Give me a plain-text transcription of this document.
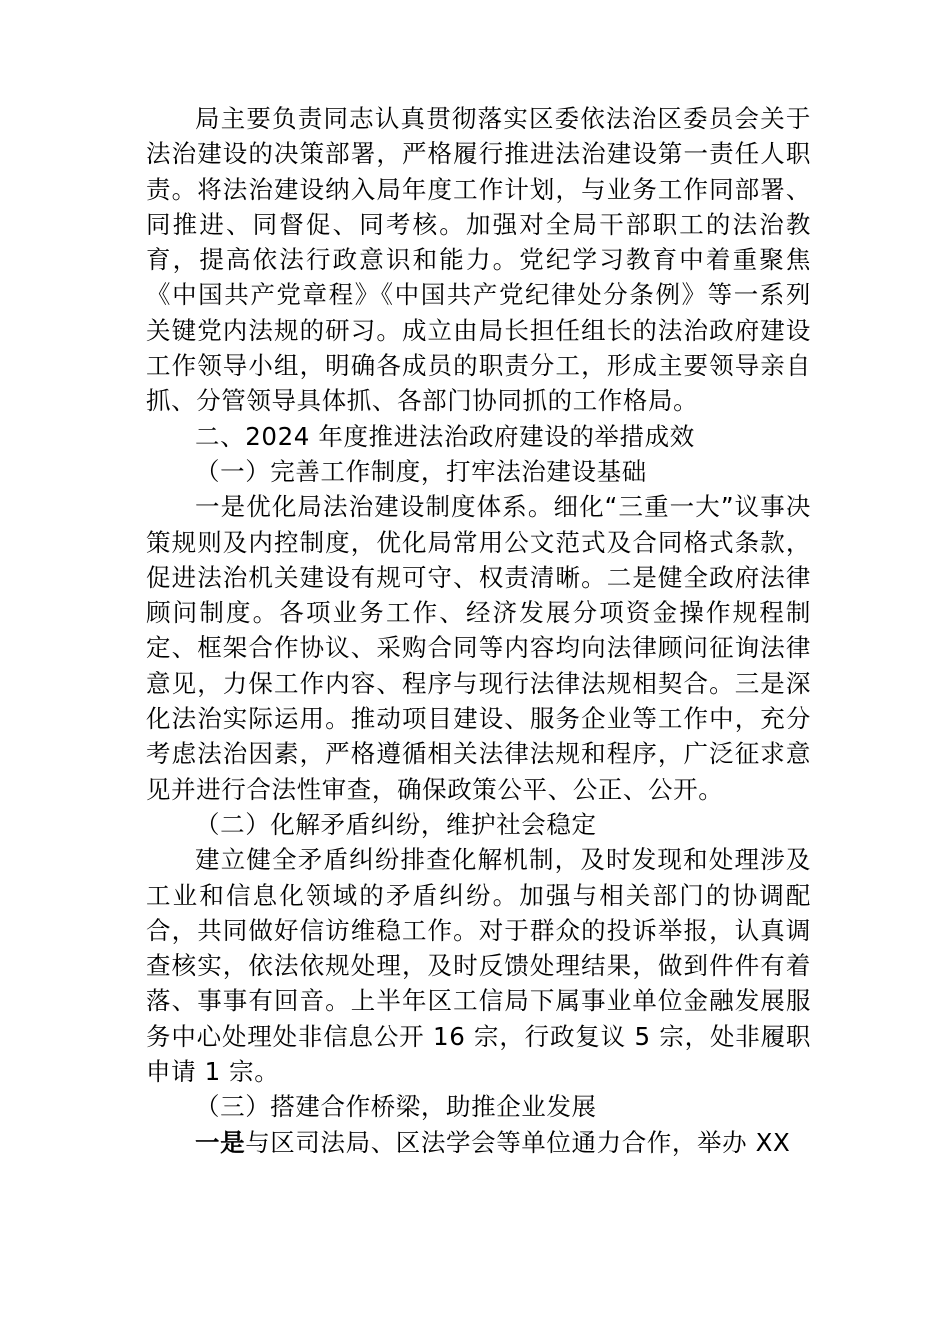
局主要负责同志认真贯彻落实区委依法治区委员会关于法治建设的决策部署，严格履行推进法治建设第一责任人职责。将法治建设纳入局年度工作计划，与业务工作同部署、同推进、同督促、同考核。加强对全局干部职工的法治教育，提高依法行政意识和能力。党纪学习教育中着重聚焦《中国共产党章程》《中国共产党纪律处分条例》等一系列关键党内法规的研习。成立由局长担任组长的法治政府建设工作领导小组，明确各成员的职责分工，形成主要领导亲自抓、分管领导具体抓、各部门协同抓的工作格局。

二、2024 年度推进法治政府建设的举措成效

（一）完善工作制度，打牢法治建设基础

一是优化局法治建设制度体系。细化“三重一大”议事决策规则及内控制度，优化局常用公文范式及合同格式条款，促进法治机关建设有规可守、权责清晰。二是健全政府法律顾问制度。各项业务工作、经济发展分项资金操作规程制定、框架合作协议、采购合同等内容均向法律顾问征询法律意见，力保工作内容、程序与现行法律法规相契合。三是深化法治实际运用。推动项目建设、服务企业等工作中，充分考虑法治因素，严格遵循相关法律法规和程序，广泛征求意见并进行合法性审查，确保政策公平、公正、公开。

（二）化解矛盾纠纷，维护社会稳定

建立健全矛盾纠纷排查化解机制，及时发现和处理涉及工业和信息化领域的矛盾纠纷。加强与相关部门的协调配合，共同做好信访维稳工作。对于群众的投诉举报，认真调查核实，依法依规处理，及时反馈处理结果，做到件件有着落、事事有回音。上半年区工信局下属事业单位金融发展服务中心处理处非信息公开 16 宗，行政复议 5 宗，处非履职申请 1 宗。

（三）搭建合作桥梁，助推企业发展

一是与区司法局、区法学会等单位通力合作，举办 XX
